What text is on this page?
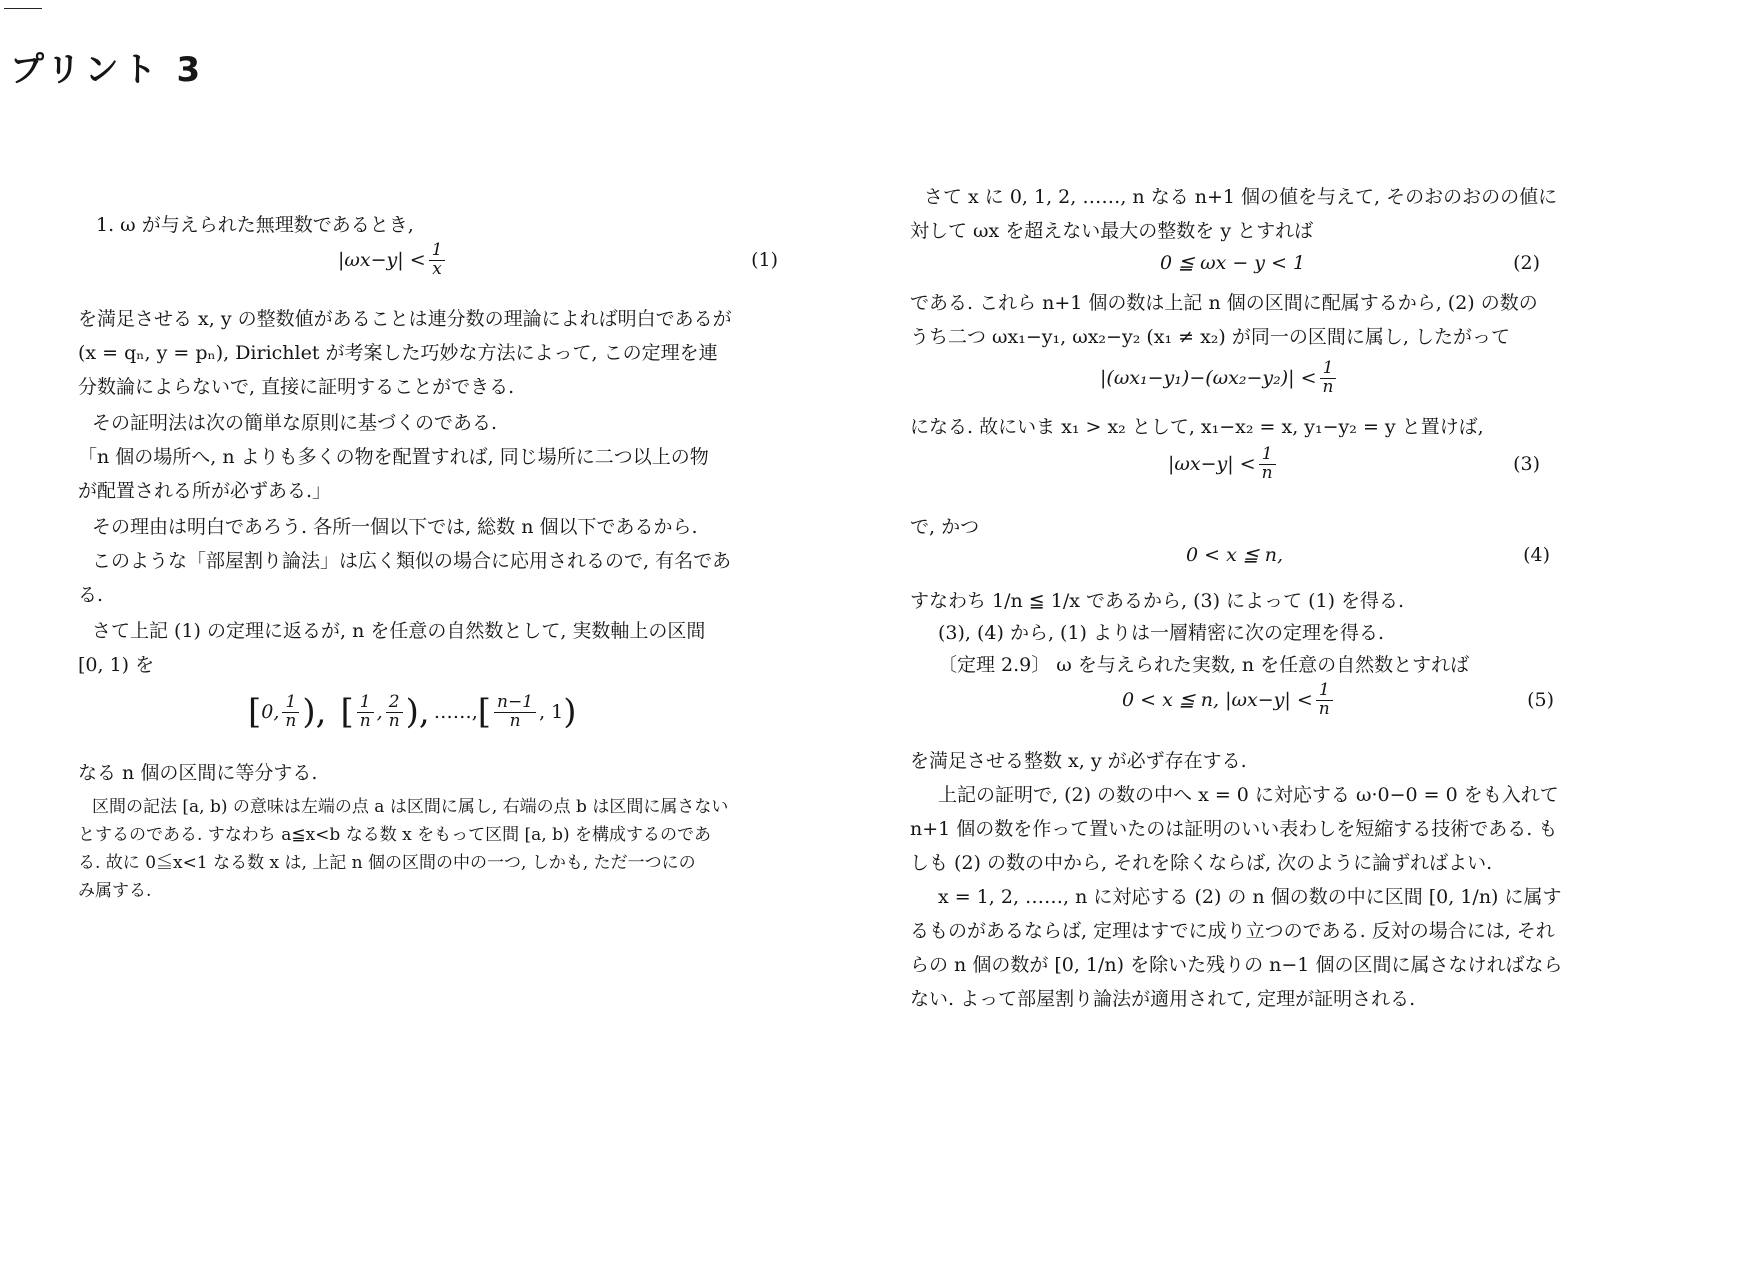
プリント 3
1. ω が与えられた無理数であるとき,
$|\omega x-y| < \frac{1}{x}$	(1)
を満足させる x, y の整数値があることは連分数の理論によれば明白であるが
(x = qₙ, y = pₙ), Dirichlet が考案した巧妙な方法によって, この定理を連
分数論によらないで, 直接に証明することができる.
その証明法は次の簡単な原則に基づくのである.
「n 個の場所へ, n よりも多くの物を配置すれば, 同じ場所に二つ以上の物
が配置される所が必ずある.」
その理由は明白であろう. 各所一個以下では, 総数 n 個以下であるから.
このような「部屋割り論法」は広く類似の場合に応用されるので, 有名であ
る.
さて上記 (1) の定理に返るが, n を任意の自然数として, 実数軸上の区間
[0, 1) を
[ 0, $\frac{1}{n}$ ), [ $\frac{1}{n}$ , $\frac{2}{n}$ ), ……, [ $\frac{n-1}{n}$ , 1 )
なる n 個の区間に等分する.
区間の記法 [a, b) の意味は左端の点 a は区間に属し, 右端の点 b は区間に属さない
とするのである. すなわち a≦x<b なる数 x をもって区間 [a, b) を構成するのであ
る. 故に 0≦x<1 なる数 x は, 上記 n 個の区間の中の一つ, しかも, ただ一つにの
み属する.
さて x に 0, 1, 2, ……, n なる n+1 個の値を与えて, そのおのおのの値に
対して ωx を超えない最大の整数を y とすれば
0 ≦ ωx − y < 1	(2)
である. これら n+1 個の数は上記 n 個の区間に配属するから, (2) の数の
うち二つ ωx₁−y₁, ωx₂−y₂ (x₁ ≠ x₂) が同一の区間に属し, したがって
$|(\omega x_1-y_1)-(\omega x_2-y_2)| < \frac{1}{n}$
になる. 故にいま x₁ > x₂ として, x₁−x₂ = x, y₁−y₂ = y と置けば,
$|\omega x-y| < \frac{1}{n}$	(3)
で, かつ
0 < x ≦ n,	(4)
すなわち 1/n ≦ 1/x であるから, (3) によって (1) を得る.
(3), (4) から, (1) よりは一層精密に次の定理を得る.
〔定理 2.9〕 ω を与えられた実数, n を任意の自然数とすれば
0 < x ≦ n, $|\omega x-y| < \frac{1}{n}$	(5)
を満足させる整数 x, y が必ず存在する.
上記の証明で, (2) の数の中へ x = 0 に対応する ω·0−0 = 0 をも入れて
n+1 個の数を作って置いたのは証明のいい表わしを短縮する技術である. も
しも (2) の数の中から, それを除くならば, 次のように論ずればよい.
x = 1, 2, ……, n に対応する (2) の n 個の数の中に区間 [0, 1/n) に属す
るものがあるならば, 定理はすでに成り立つのである. 反対の場合には, それ
らの n 個の数が [0, 1/n) を除いた残りの n−1 個の区間に属さなければなら
ない. よって部屋割り論法が適用されて, 定理が証明される.
